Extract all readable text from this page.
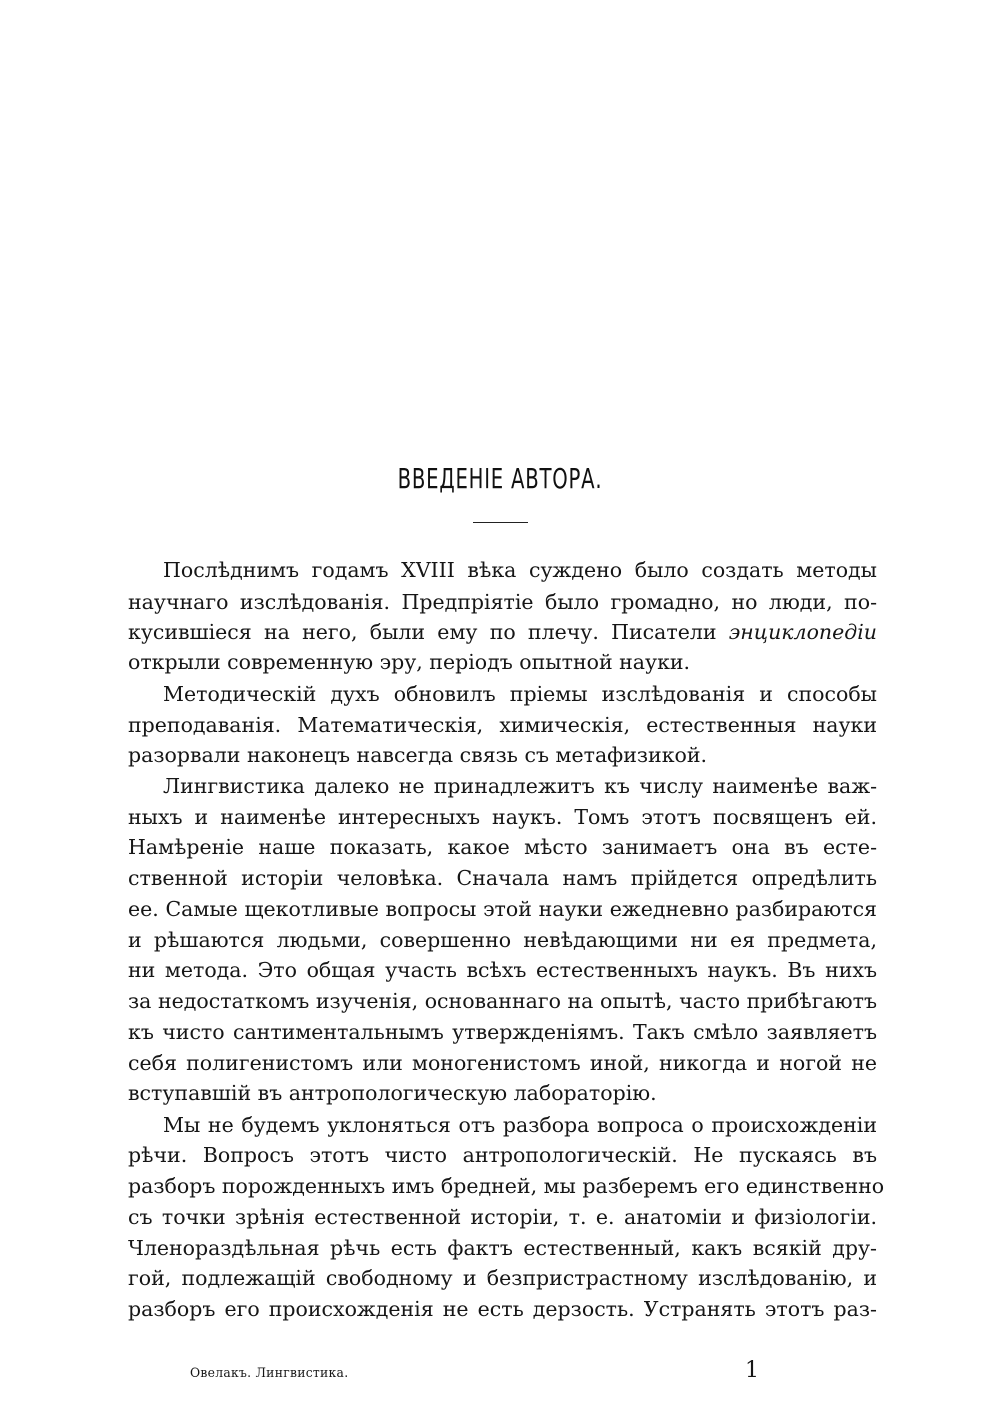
ВВЕДЕНІЕ АВТОРА.
Послѣднимъ годамъ XVIII вѣка суждено было создать методы
научнаго изслѣдованія. Предпріятіе было громадно, но люди, по-
кусившіеся на него, были ему по плечу. Писатели энциклопедіи
открыли современную эру, періодъ опытной науки.
Методическій духъ обновилъ пріемы изслѣдованія и способы
преподаванія. Математическія, химическія, естественныя науки
разорвали наконецъ навсегда связь съ метафизикой.
Лингвистика далеко не принадлежитъ къ числу наименѣе важ-
ныхъ и наименѣе интересныхъ наукъ. Томъ этотъ посвященъ ей.
Намѣреніе наше показать, какое мѣсто занимаетъ она въ есте-
ственной исторіи человѣка. Сначала намъ прійдется опредѣлить
ее. Самые щекотливые вопросы этой науки ежедневно разбираются
и рѣшаются людьми, совершенно невѣдающими ни ея предмета,
ни метода. Это общая участь всѣхъ естественныхъ наукъ. Въ нихъ
за недостаткомъ изученія, основаннаго на опытѣ, часто прибѣгаютъ
къ чисто сантиментальнымъ утвержденіямъ. Такъ смѣло заявляетъ
себя полигенистомъ или моногенистомъ иной, никогда и ногой не
вступавшій въ антропологическую лабораторію.
Мы не будемъ уклоняться отъ разбора вопроса о происхожденіи
рѣчи. Вопросъ этотъ чисто антропологическій. Не пускаясь въ
разборъ порожденныхъ имъ бредней, мы разберемъ его единственно
съ точки зрѣнія естественной исторіи, т. е. анатоміи и физіологіи.
Членораздѣльная рѣчь есть фактъ естественный, какъ всякій дру-
гой, подлежащій свободному и безпристрастному изслѣдованію, и
разборъ его происхожденія не есть дерзость. Устранять этотъ раз-
Овелакъ. Лингвистика.	1
